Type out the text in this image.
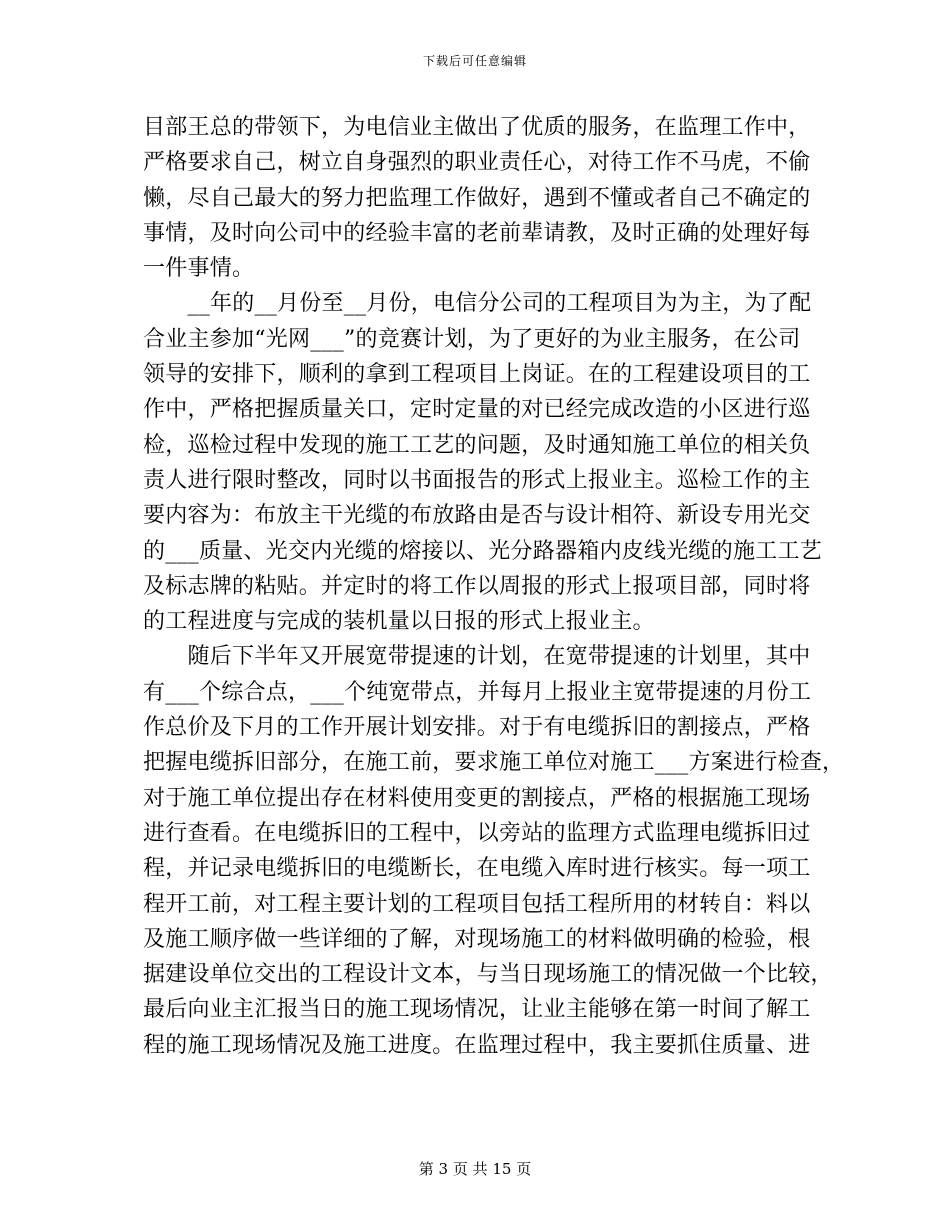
下载后可任意编辑
目部王总的带领下，为电信业主做出了优质的服务，在监理工作中，
严格要求自己，树立自身强烈的职业责任心，对待工作不马虎，不偷
懒，尽自己最大的努力把监理工作做好，遇到不懂或者自己不确定的
事情，及时向公司中的经验丰富的老前辈请教，及时正确的处理好每
一件事情。
　　__年的__月份至__月份，电信分公司的工程项目为为主，为了配
合业主参加“光网___”的竞赛计划，为了更好的为业主服务，在公司
领导的安排下，顺利的拿到工程项目上岗证。在的工程建设项目的工
作中，严格把握质量关口，定时定量的对已经完成改造的小区进行巡
检，巡检过程中发现的施工工艺的问题，及时通知施工单位的相关负
责人进行限时整改，同时以书面报告的形式上报业主。巡检工作的主
要内容为：布放主干光缆的布放路由是否与设计相符、新设专用光交
的___质量、光交内光缆的熔接以、光分路器箱内皮线光缆的施工工艺
及标志牌的粘贴。并定时的将工作以周报的形式上报项目部，同时将
的工程进度与完成的装机量以日报的形式上报业主。
　　随后下半年又开展宽带提速的计划，在宽带提速的计划里，其中
有___个综合点，___个纯宽带点，并每月上报业主宽带提速的月份工
作总价及下月的工作开展计划安排。对于有电缆拆旧的割接点，严格
把握电缆拆旧部分，在施工前，要求施工单位对施工___方案进行检查，
对于施工单位提出存在材料使用变更的割接点，严格的根据施工现场
进行查看。在电缆拆旧的工程中，以旁站的监理方式监理电缆拆旧过
程，并记录电缆拆旧的电缆断长，在电缆入库时进行核实。每一项工
程开工前，对工程主要计划的工程项目包括工程所用的材转自：料以
及施工顺序做一些详细的了解，对现场施工的材料做明确的检验，根
据建设单位交出的工程设计文本，与当日现场施工的情况做一个比较，
最后向业主汇报当日的施工现场情况，让业主能够在第一时间了解工
程的施工现场情况及施工进度。在监理过程中，我主要抓住质量、进
第 3 页 共 15 页
